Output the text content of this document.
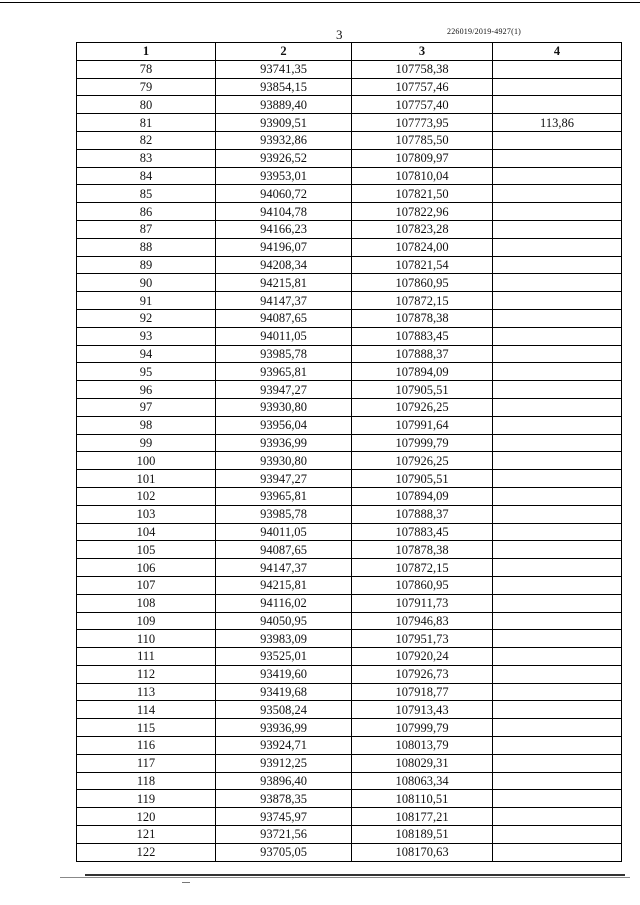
3	226019/2019-4927(1)
1	2	3	4
78	93741,35	107758,38	
79	93854,15	107757,46	
80	93889,40	107757,40	
81	93909,51	107773,95	113,86
82	93932,86	107785,50	
83	93926,52	107809,97	
84	93953,01	107810,04	
85	94060,72	107821,50	
86	94104,78	107822,96	
87	94166,23	107823,28	
88	94196,07	107824,00	
89	94208,34	107821,54	
90	94215,81	107860,95	
91	94147,37	107872,15	
92	94087,65	107878,38	
93	94011,05	107883,45	
94	93985,78	107888,37	
95	93965,81	107894,09	
96	93947,27	107905,51	
97	93930,80	107926,25	
98	93956,04	107991,64	
99	93936,99	107999,79	
100	93930,80	107926,25	
101	93947,27	107905,51	
102	93965,81	107894,09	
103	93985,78	107888,37	
104	94011,05	107883,45	
105	94087,65	107878,38	
106	94147,37	107872,15	
107	94215,81	107860,95	
108	94116,02	107911,73	
109	94050,95	107946,83	
110	93983,09	107951,73	
111	93525,01	107920,24	
112	93419,60	107926,73	
113	93419,68	107918,77	
114	93508,24	107913,43	
115	93936,99	107999,79	
116	93924,71	108013,79	
117	93912,25	108029,31	
118	93896,40	108063,34	
119	93878,35	108110,51	
120	93745,97	108177,21	
121	93721,56	108189,51	
122	93705,05	108170,63	
